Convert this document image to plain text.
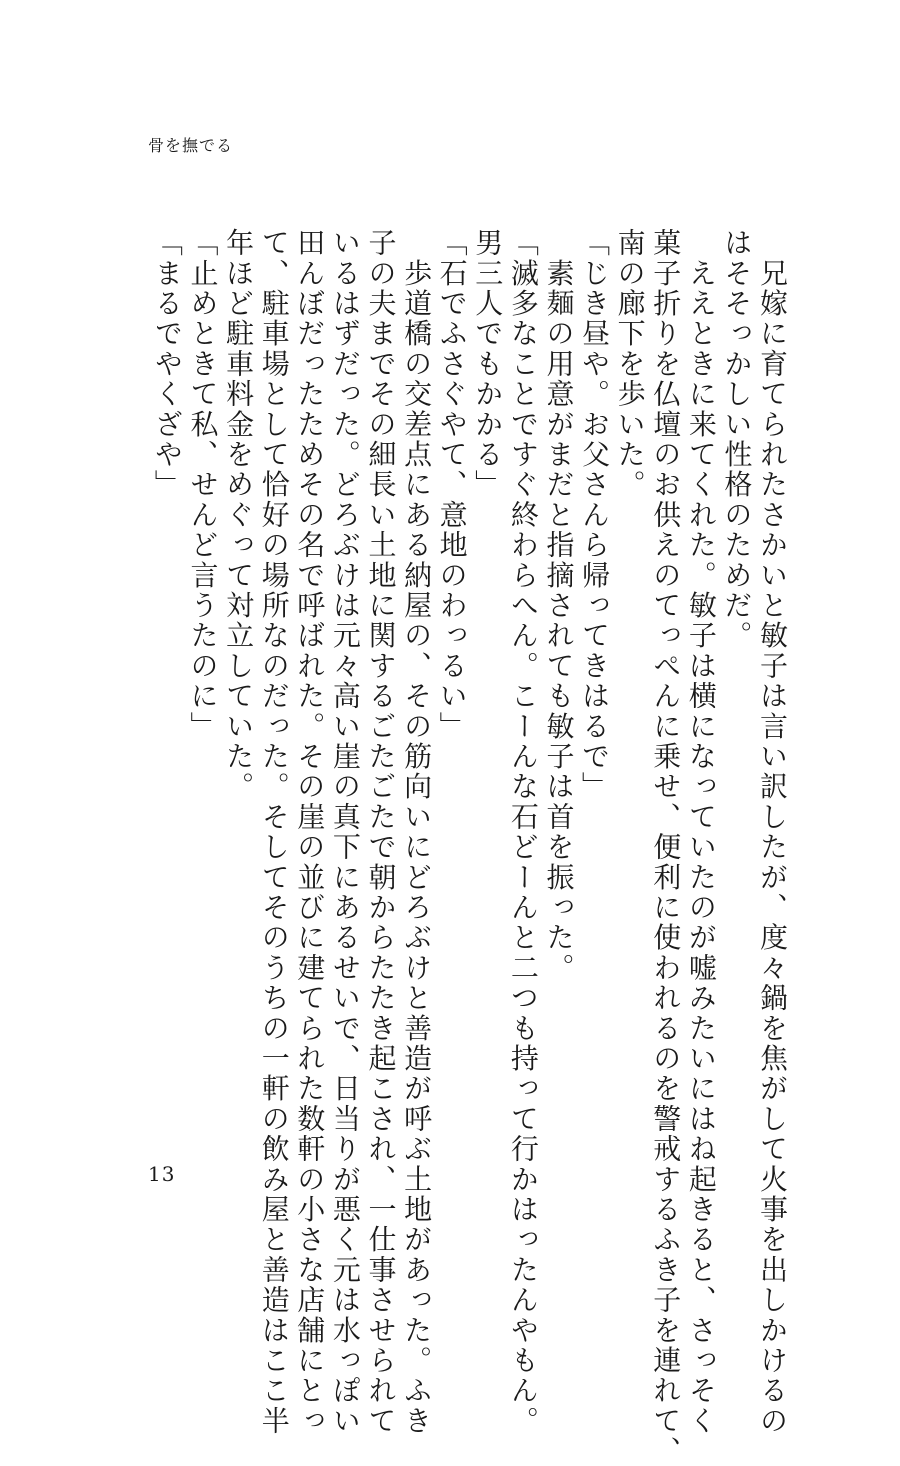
骨を撫でる
　兄嫁に育てられたさかいと敏子は言い訳したが、度々鍋を焦がして火事を出しかけるの
はそそっかしい性格のためだ。
　ええときに来てくれた。敏子は横になっていたのが嘘みたいにはね起きると、さっそく
菓子折りを仏壇のお供えのてっぺんに乗せ、便利に使われるのを警戒するふき子を連れて、
南の廊下を歩いた。
「じき昼や。お父さんら帰ってきはるで」
　素麺の用意がまだと指摘されても敏子は首を振った。
「滅多なことですぐ終わらへん。こーんな石どーんと二つも持って行かはったんやもん。
男三人でもかかる」
「石でふさぐやて、意地のわっるい」
　歩道橋の交差点にある納屋の、その筋向いにどろぶけと善造が呼ぶ土地があった。ふき
子の夫までその細長い土地に関するごたごたで朝からたたき起こされ、一仕事させられて
いるはずだった。どろぶけは元々高い崖の真下にあるせいで、日当りが悪く元は水っぽい
田んぼだったためその名で呼ばれた。その崖の並びに建てられた数軒の小さな店舗にとっ
て、駐車場として恰好の場所なのだった。そしてそのうちの一軒の飲み屋と善造はここ半
年ほど駐車料金をめぐって対立していた。
「止めときて私、せんど言うたのに」
「まるでやくざや」
13
